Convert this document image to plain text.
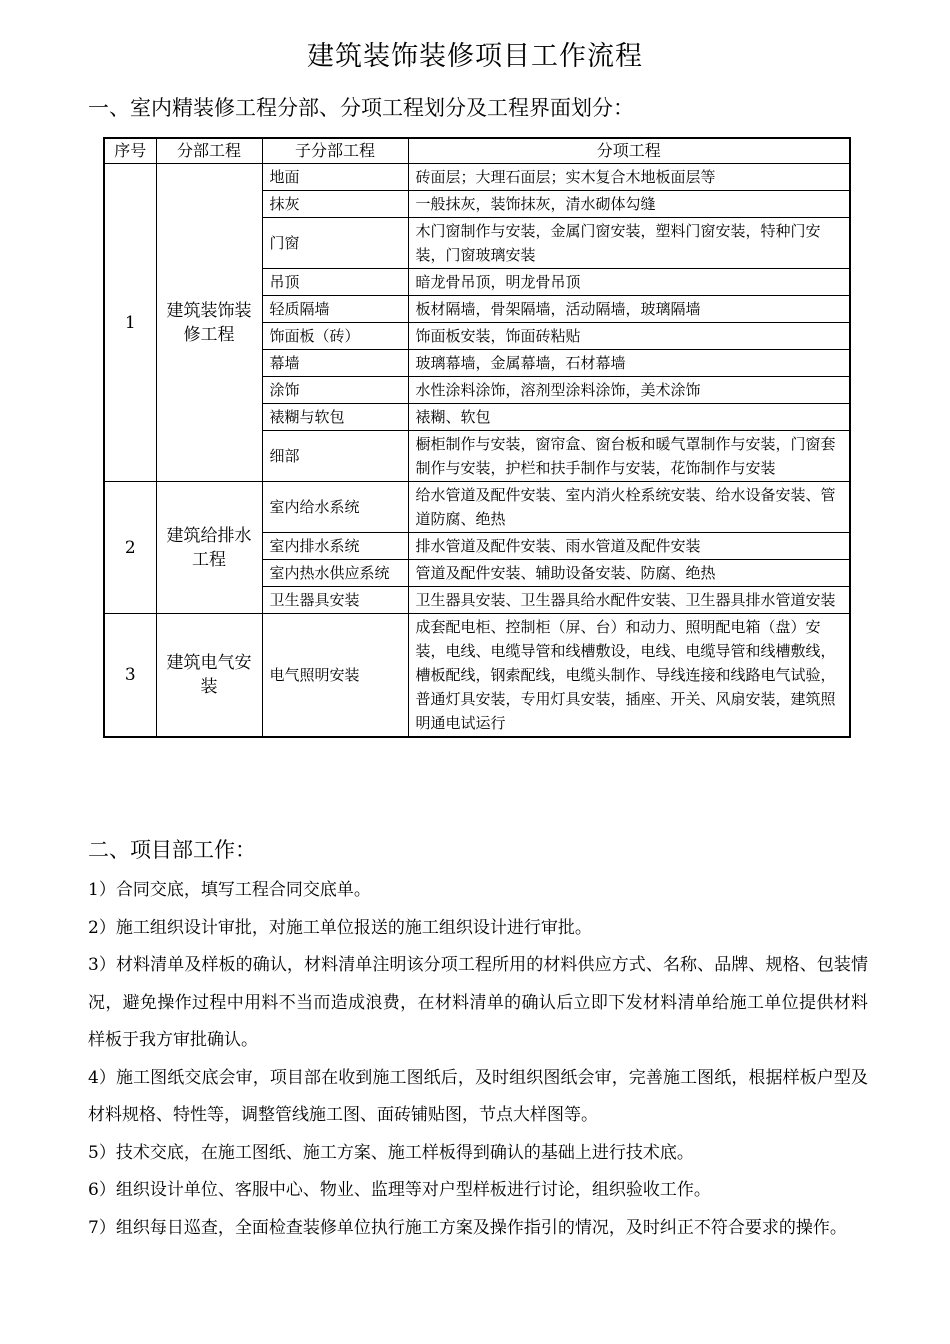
建筑装饰装修项目工作流程
一、室内精装修工程分部、分项工程划分及工程界面划分：
序号	分部工程	子分部工程	分项工程
1	建筑装饰装修工程	地面	砖面层；大理石面层；实木复合木地板面层等
		抹灰	一般抹灰，装饰抹灰，清水砌体勾缝
		门窗	木门窗制作与安装，金属门窗安装，塑料门窗安装，特种门安装，门窗玻璃安装
		吊顶	暗龙骨吊顶，明龙骨吊顶
		轻质隔墙	板材隔墙，骨架隔墙，活动隔墙，玻璃隔墙
		饰面板（砖）	饰面板安装，饰面砖粘贴
		幕墙	玻璃幕墙，金属幕墙，石材幕墙
		涂饰	水性涂料涂饰，溶剂型涂料涂饰，美术涂饰
		裱糊与软包	裱糊、软包
		细部	橱柜制作与安装，窗帘盒、窗台板和暖气罩制作与安装，门窗套制作与安装，护栏和扶手制作与安装，花饰制作与安装
2	建筑给排水工程	室内给水系统	给水管道及配件安装、室内消火栓系统安装、给水设备安装、管道防腐、绝热
		室内排水系统	排水管道及配件安装、雨水管道及配件安装
		室内热水供应系统	管道及配件安装、辅助设备安装、防腐、绝热
		卫生器具安装	卫生器具安装、卫生器具给水配件安装、卫生器具排水管道安装
3	建筑电气安装	电气照明安装	成套配电柜、控制柜（屏、台）和动力、照明配电箱（盘）安装，电线、电缆导管和线槽敷设，电线、电缆导管和线槽敷线，槽板配线，钢索配线，电缆头制作、导线连接和线路电气试验，普通灯具安装，专用灯具安装，插座、开关、风扇安装，建筑照明通电试运行
二、项目部工作：
1）合同交底，填写工程合同交底单。
2）施工组织设计审批，对施工单位报送的施工组织设计进行审批。
3）材料清单及样板的确认，材料清单注明该分项工程所用的材料供应方式、名称、品牌、规格、包装情况，避免操作过程中用料不当而造成浪费，在材料清单的确认后立即下发材料清单给施工单位提供材料样板于我方审批确认。
4）施工图纸交底会审，项目部在收到施工图纸后，及时组织图纸会审，完善施工图纸，根据样板户型及材料规格、特性等，调整管线施工图、面砖铺贴图，节点大样图等。
5）技术交底，在施工图纸、施工方案、施工样板得到确认的基础上进行技术底。
6）组织设计单位、客服中心、物业、监理等对户型样板进行讨论，组织验收工作。
7）组织每日巡查，全面检查装修单位执行施工方案及操作指引的情况，及时纠正不符合要求的操作。
